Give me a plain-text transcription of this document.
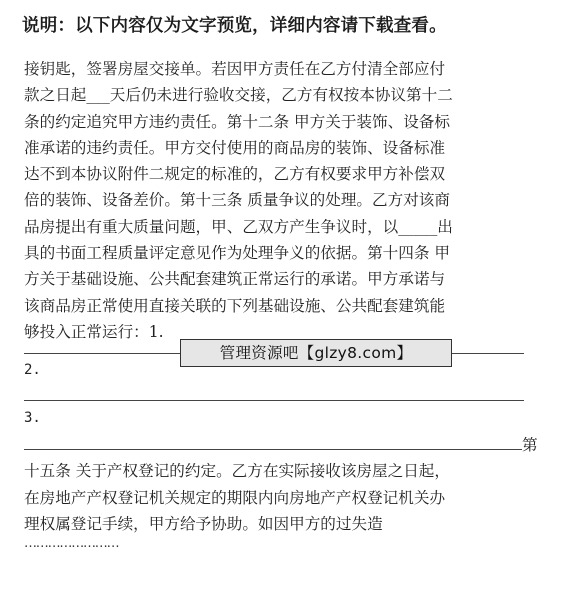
说明：以下内容仅为文字预览，详细内容请下载查看。
接钥匙，签署房屋交接单。若因甲方责任在乙方付清全部应付
款之日起___天后仍未进行验收交接，乙方有权按本协议第十二
条的约定追究甲方违约责任。第十二条 甲方关于装饰、设备标
准承诺的违约责任。甲方交付使用的商品房的装饰、设备标准
达不到本协议附件二规定的标准的，乙方有权要求甲方补偿双
倍的装饰、设备差价。第十三条 质量争议的处理。乙方对该商
品房提出有重大质量问题，甲、乙双方产生争议时，以_____出
具的书面工程质量评定意见作为处理争义的依据。第十四条 甲
方关于基础设施、公共配套建筑正常运行的承诺。甲方承诺与
该商品房正常使用直接关联的下列基础设施、公共配套建筑能
够投入正常运行：1.
管理资源吧【glzy8.com】
2.
3.
第
十五条 关于产权登记的约定。乙方在实际接收该房屋之日起，
在房地产产权登记机关规定的期限内向房地产产权登记机关办
理权属登记手续，甲方给予协助。如因甲方的过失造
……………………
